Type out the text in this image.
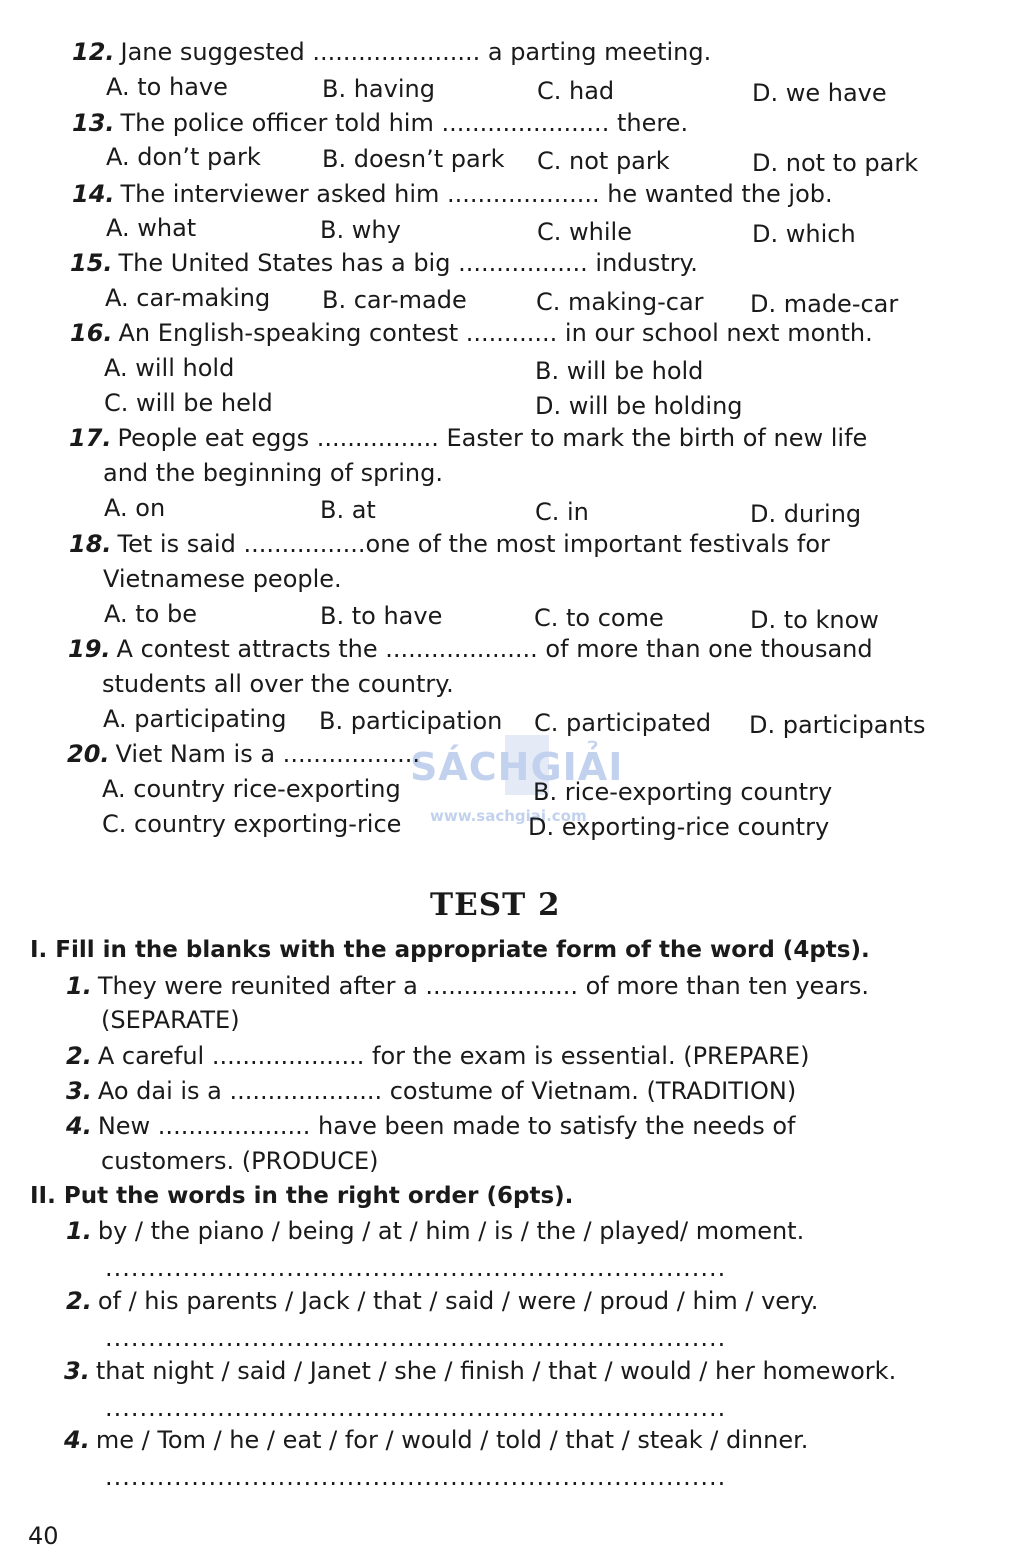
SÁCHGIẢI
www.sachgiai.com
12. Jane suggested ...................... a parting meeting.
A. to have	B. having	C. had	D. we have
13. The police officer told him ...................... there.
A. don’t park	B. doesn’t park C. not park	D. not to park
14. The interviewer asked him .................... he wanted the job.
A. what	B. why	C. while	D. which
15. The United States has a big ................. industry.
A. car-making B. car-made	C. making-car D. made-car
16. An English-speaking contest ............ in our school next month.
A. will hold	B. will be hold
C. will be held	D. will be holding
17. People eat eggs ................ Easter to mark the birth of new life
and the beginning of spring.
A. on	B. at	C. in	D. during
18. Tet is said ................one of the most important festivals for
Vietnamese people.
A. to be	B. to have	C. to come	D. to know
19. A contest attracts the .................... of more than one thousand
students all over the country.
A. participating B. participation C. participated D. participants
20. Viet Nam is a ..................
A. country rice-exporting	B. rice-exporting country
C. country exporting-rice	D. exporting-rice country
TEST 2
I. Fill in the blanks with the appropriate form of the word (4pts).
1. They were reunited after a .................... of more than ten years.
(SEPARATE)
2. A careful .................... for the exam is essential. (PREPARE)
3. Ao dai is a .................... costume of Vietnam. (TRADITION)
4. New .................... have been made to satisfy the needs of
customers. (PRODUCE)
II. Put the words in the right order (6pts).
1. by / the piano / being / at / him / is / the / played/ moment.
........................................................................
2. of / his parents / Jack / that / said / were / proud / him / very.
........................................................................
3. that night / said / Janet / she / finish / that / would / her homework.
........................................................................
4. me / Tom / he / eat / for / would / told / that / steak / dinner.
........................................................................
40
